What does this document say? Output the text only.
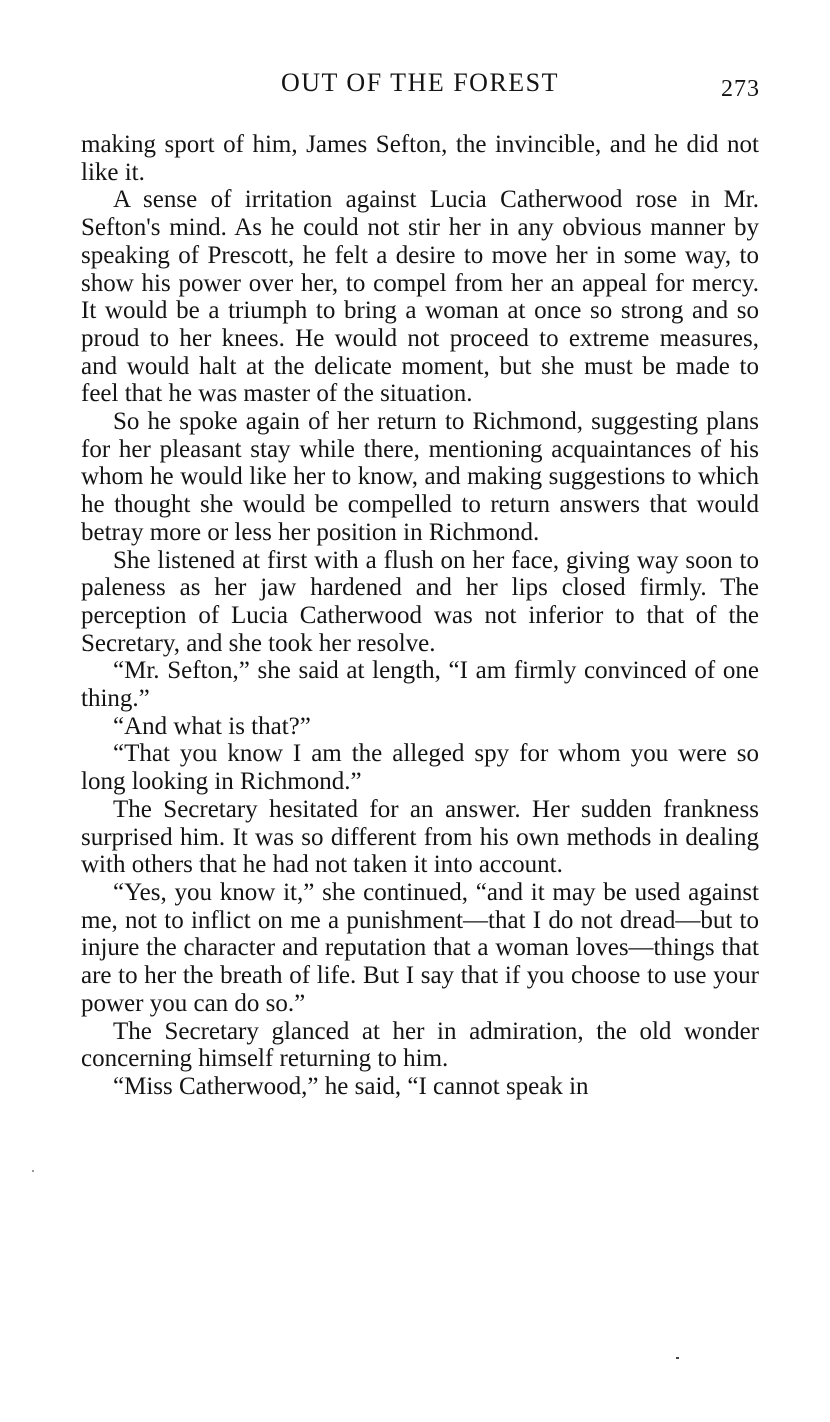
OUT OF THE FOREST	273

making sport of him, James Sefton, the invincible, and he did not like it.

A sense of irritation against Lucia Catherwood rose in Mr. Sefton's mind. As he could not stir her in any obvious manner by speaking of Prescott, he felt a desire to move her in some way, to show his power over her, to compel from her an appeal for mercy. It would be a triumph to bring a woman at once so strong and so proud to her knees. He would not proceed to extreme measures, and would halt at the delicate moment, but she must be made to feel that he was master of the situation.

So he spoke again of her return to Richmond, suggesting plans for her pleasant stay while there, mentioning acquaintances of his whom he would like her to know, and making suggestions to which he thought she would be compelled to return answers that would betray more or less her position in Richmond.

She listened at first with a flush on her face, giving way soon to paleness as her jaw hardened and her lips closed firmly. The perception of Lucia Catherwood was not inferior to that of the Secretary, and she took her resolve.

“Mr. Sefton,” she said at length, “I am firmly convinced of one thing.”

“And what is that?”

“That you know I am the alleged spy for whom you were so long looking in Richmond.”

The Secretary hesitated for an answer. Her sudden frankness surprised him. It was so different from his own methods in dealing with others that he had not taken it into account.

“Yes, you know it,” she continued, “and it may be used against me, not to inflict on me a punishment—that I do not dread—but to injure the character and reputation that a woman loves—things that are to her the breath of life. But I say that if you choose to use your power you can do so.”

The Secretary glanced at her in admiration, the old wonder concerning himself returning to him.

“Miss Catherwood,” he said, “I cannot speak in
